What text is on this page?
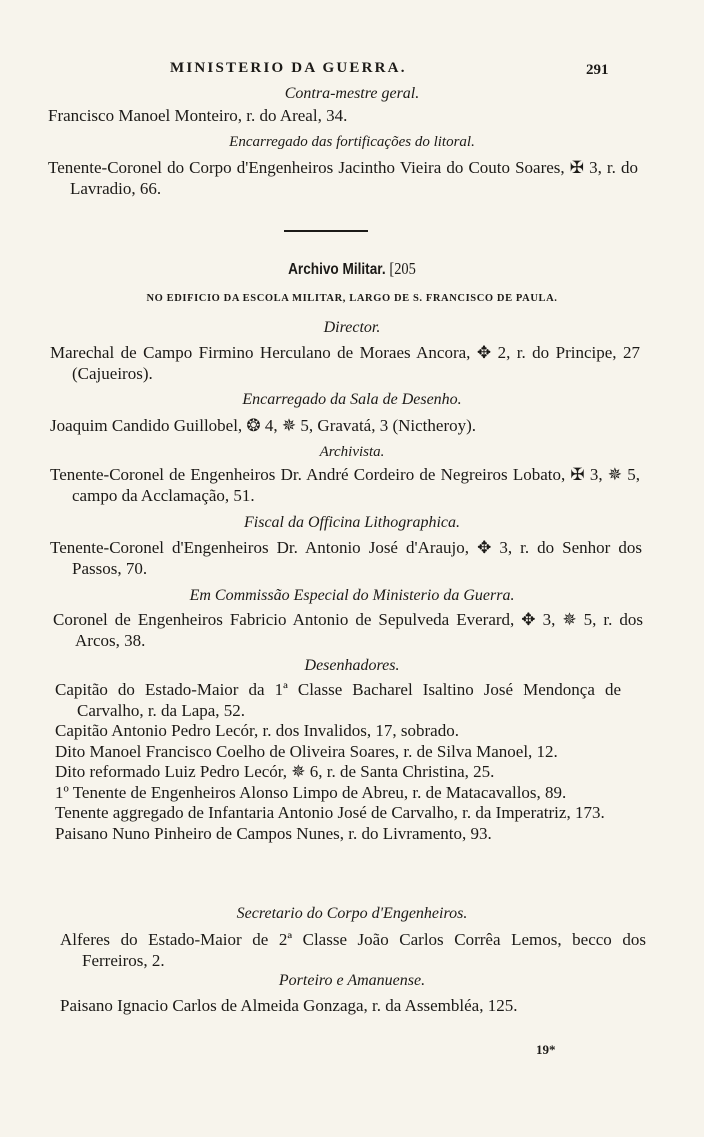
MINISTERIO DA GUERRA.	291
Contra-mestre geral.

Francisco Manoel Monteiro, r. do Areal, 34.

Encarregado das fortificações do litoral.

Tenente-Coronel do Corpo d'Engenheiros Jacintho Vieira do Couto Soares, ✠ 3, r. do Lavradio, 66.

Archivo Militar. [205
NO EDIFICIO DA ESCOLA MILITAR, LARGO DE S. FRANCISCO DE PAULA.
Director.

Marechal de Campo Firmino Herculano de Moraes Ancora, ✥ 2, r. do Principe, 27 (Cajueiros).

Encarregado da Sala de Desenho.

Joaquim Candido Guillobel, ❂ 4, ✵ 5, Gravatá, 3 (Nictheroy).

Archivista.

Tenente-Coronel de Engenheiros Dr. André Cordeiro de Negreiros Lobato, ✠ 3, ✵ 5, campo da Acclamação, 51.

Fiscal da Officina Lithographica.

Tenente-Coronel d'Engenheiros Dr. Antonio José d'Araujo, ✥ 3, r. do Senhor dos Passos, 70.

Em Commissão Especial do Ministerio da Guerra.

Coronel de Engenheiros Fabricio Antonio de Sepulveda Everard, ✥ 3, ✵ 5, r. dos Arcos, 38.

Desenhadores.

Capitão do Estado-Maior da 1ª Classe Bacharel Isaltino José Mendonça de Carvalho, r. da Lapa, 52.

Capitão Antonio Pedro Lecór, r. dos Invalidos, 17, sobrado.

Dito Manoel Francisco Coelho de Oliveira Soares, r. de Silva Manoel, 12.

Dito reformado Luiz Pedro Lecór, ✵ 6, r. de Santa Christina, 25.

1º Tenente de Engenheiros Alonso Limpo de Abreu, r. de Matacavallos, 89.

Tenente aggregado de Infantaria Antonio José de Carvalho, r. da Imperatriz, 173.

Paisano Nuno Pinheiro de Campos Nunes, r. do Livramento, 93.

Secretario do Corpo d'Engenheiros.

Alferes do Estado-Maior de 2ª Classe João Carlos Corrêa Lemos, becco dos Ferreiros, 2.

Porteiro e Amanuense.

Paisano Ignacio Carlos de Almeida Gonzaga, r. da Assembléa, 125.

19*
